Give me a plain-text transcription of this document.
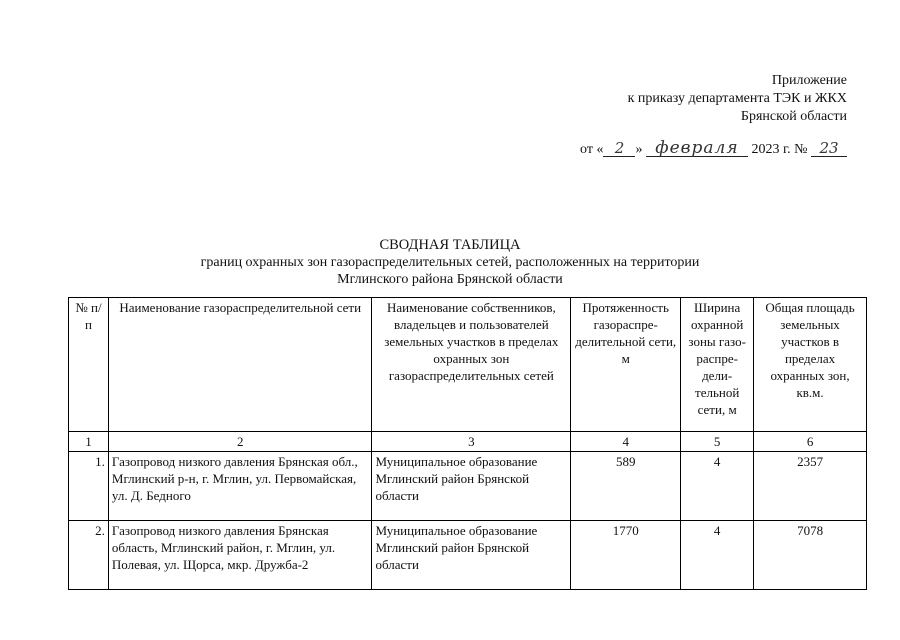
Приложение
к приказу департамента ТЭК и ЖКХ
Брянской области
от « 2 » февраля 2023 г. № 23
СВОДНАЯ ТАБЛИЦА
границ охранных зон газораспределительных сетей, расположенных на территории
Мглинского района Брянской области
№ п/п	Наименование газораспределительной сети	Наименование собственников, владельцев и пользователей земельных участков в пределах охранных зон газораспределительных сетей	Протяженность газораспре-делительной сети, м	Ширина охранной зоны газо-распре-дели-тельной сети, м	Общая площадь земельных участков в пределах охранных зон, кв.м.
1	2	3	4	5	6
1.	Газопровод низкого давления Брянская обл., Мглинский р-н, г. Мглин, ул. Первомайская, ул. Д. Бедного	Муниципальное образование Мглинский район Брянской области	589	4	2357
2.	Газопровод низкого давления Брянская область, Мглинский район, г. Мглин, ул. Полевая, ул. Щорса, мкр. Дружба-2	Муниципальное образование Мглинский район Брянской области	1770	4	7078
